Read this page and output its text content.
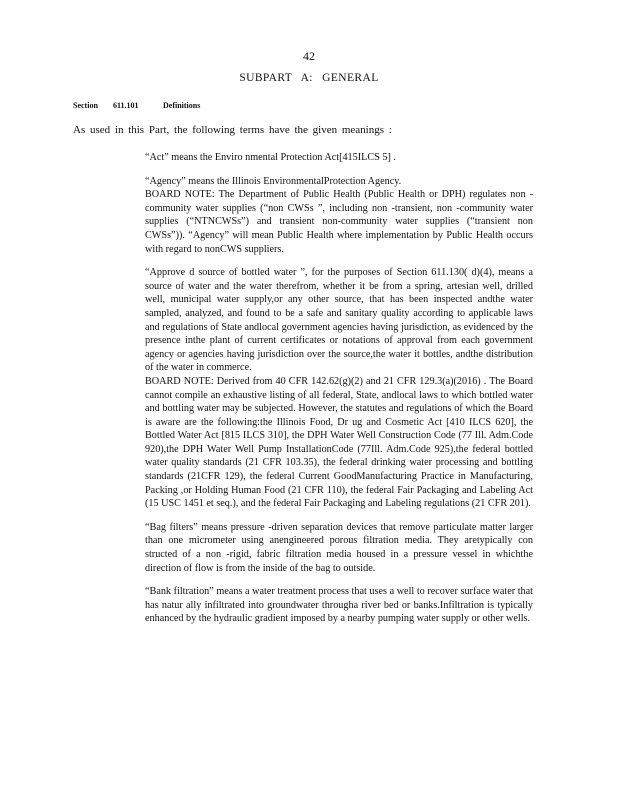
42
SUBPART A: GENERAL
Section 611.101	Definitions
As used in this Part, the following terms have the given meanings :

“Act” means the Enviro nmental Protection Act[415ILCS 5] .

“Agency” means the Illinois EnvironmentalProtection Agency.

BOARD NOTE: The Department of Public Health (Public Health or DPH) regulates non -community water supplies (“non CWSs ”, including non -transient, non -community water supplies (“NTNCWSs”) and transient non-community water supplies (“transient non CWSs”)). “Agency” will mean Public Health where implementation by Public Health occurs with regard to nonCWS suppliers.

“Approve d source of bottled water ”, for the purposes of Section 611.130( d)(4), means a source of water and the water therefrom, whether it be from a spring, artesian well, drilled well, municipal water supply,or any other source, that has been inspected andthe water sampled, analyzed, and found to be a safe and sanitary quality according to applicable laws and regulations of State andlocal government agencies having jurisdiction, as evidenced by the presence inthe plant of current certificates or notations of approval from each government agency or agencies having jurisdiction over the source,the water it bottles, andthe distribution of the water in commerce.

BOARD NOTE: Derived from 40 CFR 142.62(g)(2) and 21 CFR 129.3(a)(2016) . The Board cannot compile an exhaustive listing of all federal, State, andlocal laws to which bottled water and bottling water may be subjected. However, the statutes and regulations of which the Board is aware are the following:the Illinois Food, Dr ug and Cosmetic Act [410 ILCS 620], the Bottled Water Act [815 ILCS 310], the DPH Water Well Construction Code (77 Ill. Adm.Code 920),the DPH Water Well Pump InstallationCode (77Ill. Adm.Code 925),the federal bottled water quality standards (21 CFR 103.35), the federal drinking water processing and bottling standards (21CFR 129), the federal Current GoodManufacturing Practice in Manufacturing, Packing ,or Holding Human Food (21 CFR 110), the federal Fair Packaging and Labeling Act (15 USC 1451 et seq.), and the federal Fair Packaging and Labeling regulations (21 CFR 201).

“Bag filters” means pressure -driven separation devices that remove particulate matter larger than one micrometer using anengineered porous filtration media. They aretypically con structed of a non -rigid, fabric filtration media housed in a pressure vessel in whichthe direction of flow is from the inside of the bag to outside.

“Bank filtration” means a water treatment process that uses a well to recover surface water that has natur ally infiltrated into groundwater througha river bed or banks.Infiltration is typically enhanced by the hydraulic gradient imposed by a nearby pumping water supply or other wells.
